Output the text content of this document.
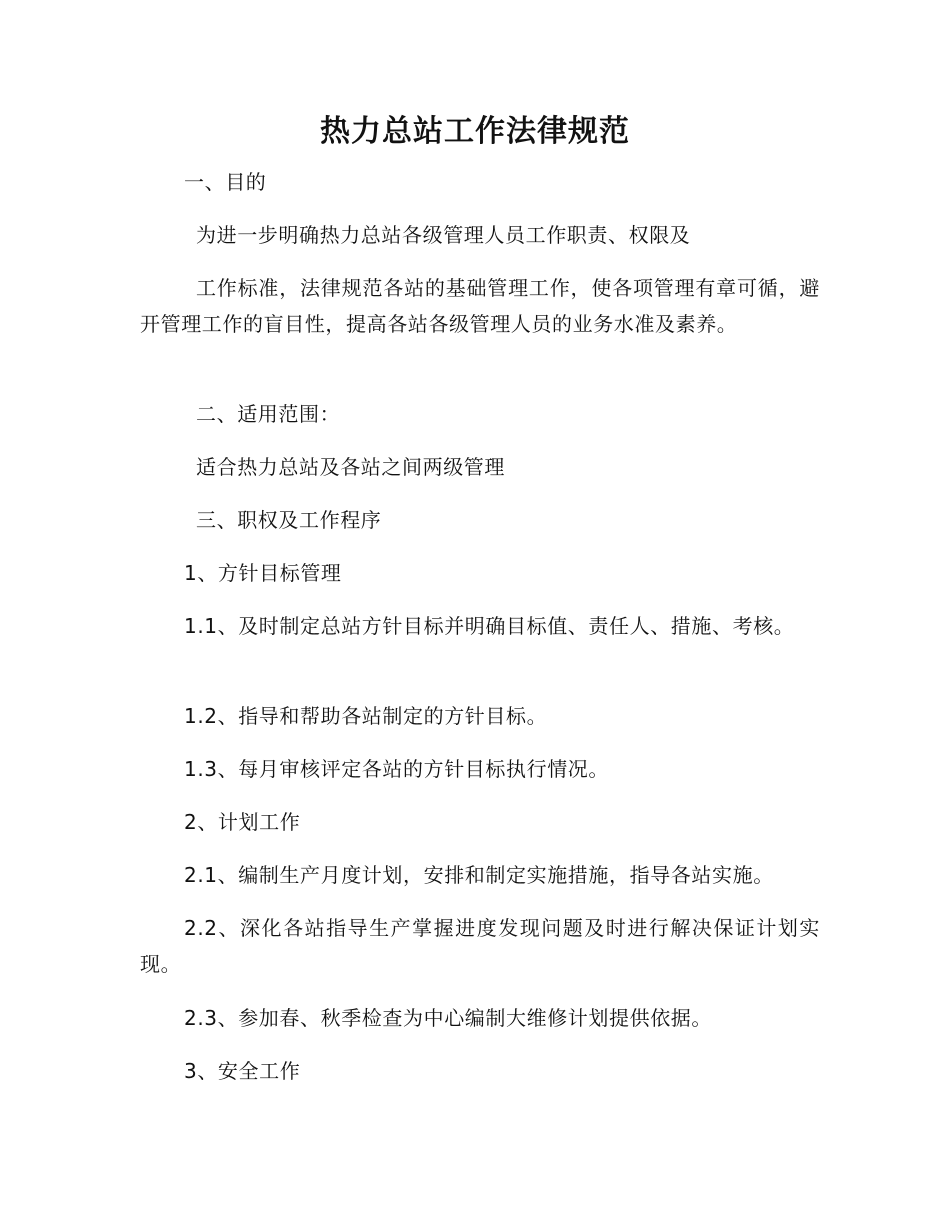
热力总站工作法律规范

一、目的

为进一步明确热力总站各级管理人员工作职责、权限及

工作标准，法律规范各站的基础管理工作，使各项管理有章可循，避开管理工作的盲目性，提高各站各级管理人员的业务水准及素养。

二、适用范围：

适合热力总站及各站之间两级管理

三、职权及工作程序

1、方针目标管理

1.1、及时制定总站方针目标并明确目标值、责任人、措施、考核。

1.2、指导和帮助各站制定的方针目标。

1.3、每月审核评定各站的方针目标执行情况。

2、计划工作

2.1、编制生产月度计划，安排和制定实施措施，指导各站实施。

2.2、深化各站指导生产掌握进度发现问题及时进行解决保证计划实现。

2.3、参加春、秋季检查为中心编制大维修计划提供依据。

3、安全工作
